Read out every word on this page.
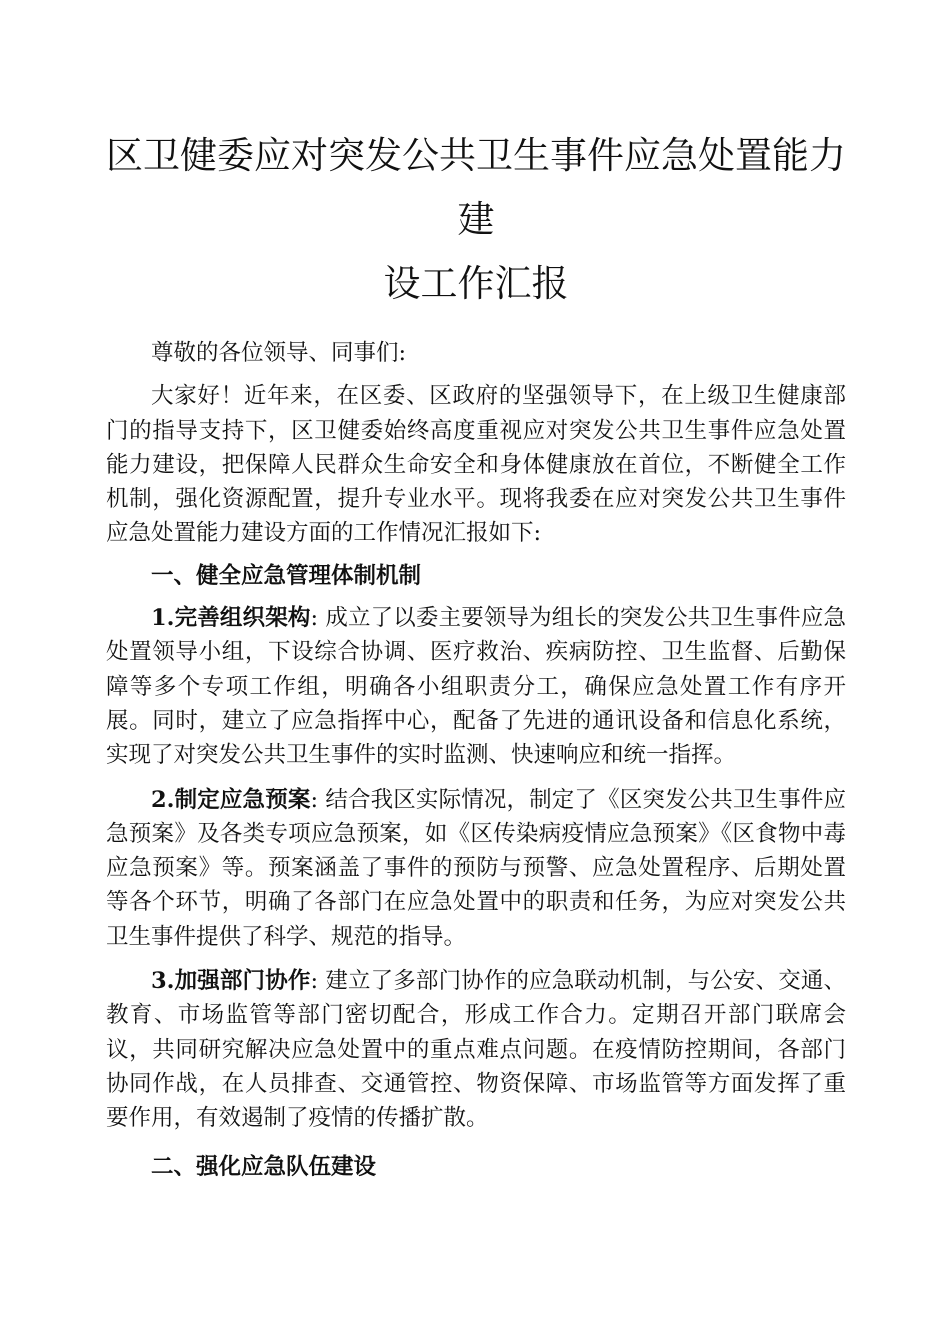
区卫健委应对突发公共卫生事件应急处置能力建
设工作汇报

尊敬的各位领导、同事们:

大家好！近年来，在区委、区政府的坚强领导下，在上级卫生健康部门的指导支持下，区卫健委始终高度重视应对突发公共卫生事件应急处置能力建设，把保障人民群众生命安全和身体健康放在首位，不断健全工作机制，强化资源配置，提升专业水平。现将我委在应对突发公共卫生事件应急处置能力建设方面的工作情况汇报如下:

一、健全应急管理体制机制

1.完善组织架构: 成立了以委主要领导为组长的突发公共卫生事件应急处置领导小组，下设综合协调、医疗救治、疾病防控、卫生监督、后勤保障等多个专项工作组，明确各小组职责分工，确保应急处置工作有序开展。同时，建立了应急指挥中心，配备了先进的通讯设备和信息化系统，实现了对突发公共卫生事件的实时监测、快速响应和统一指挥。

2.制定应急预案: 结合我区实际情况，制定了《区突发公共卫生事件应急预案》及各类专项应急预案，如《区传染病疫情应急预案》《区食物中毒应急预案》等。预案涵盖了事件的预防与预警、应急处置程序、后期处置等各个环节，明确了各部门在应急处置中的职责和任务，为应对突发公共卫生事件提供了科学、规范的指导。

3.加强部门协作: 建立了多部门协作的应急联动机制，与公安、交通、教育、市场监管等部门密切配合，形成工作合力。定期召开部门联席会议，共同研究解决应急处置中的重点难点问题。在疫情防控期间，各部门协同作战，在人员排查、交通管控、物资保障、市场监管等方面发挥了重要作用，有效遏制了疫情的传播扩散。

二、强化应急队伍建设
